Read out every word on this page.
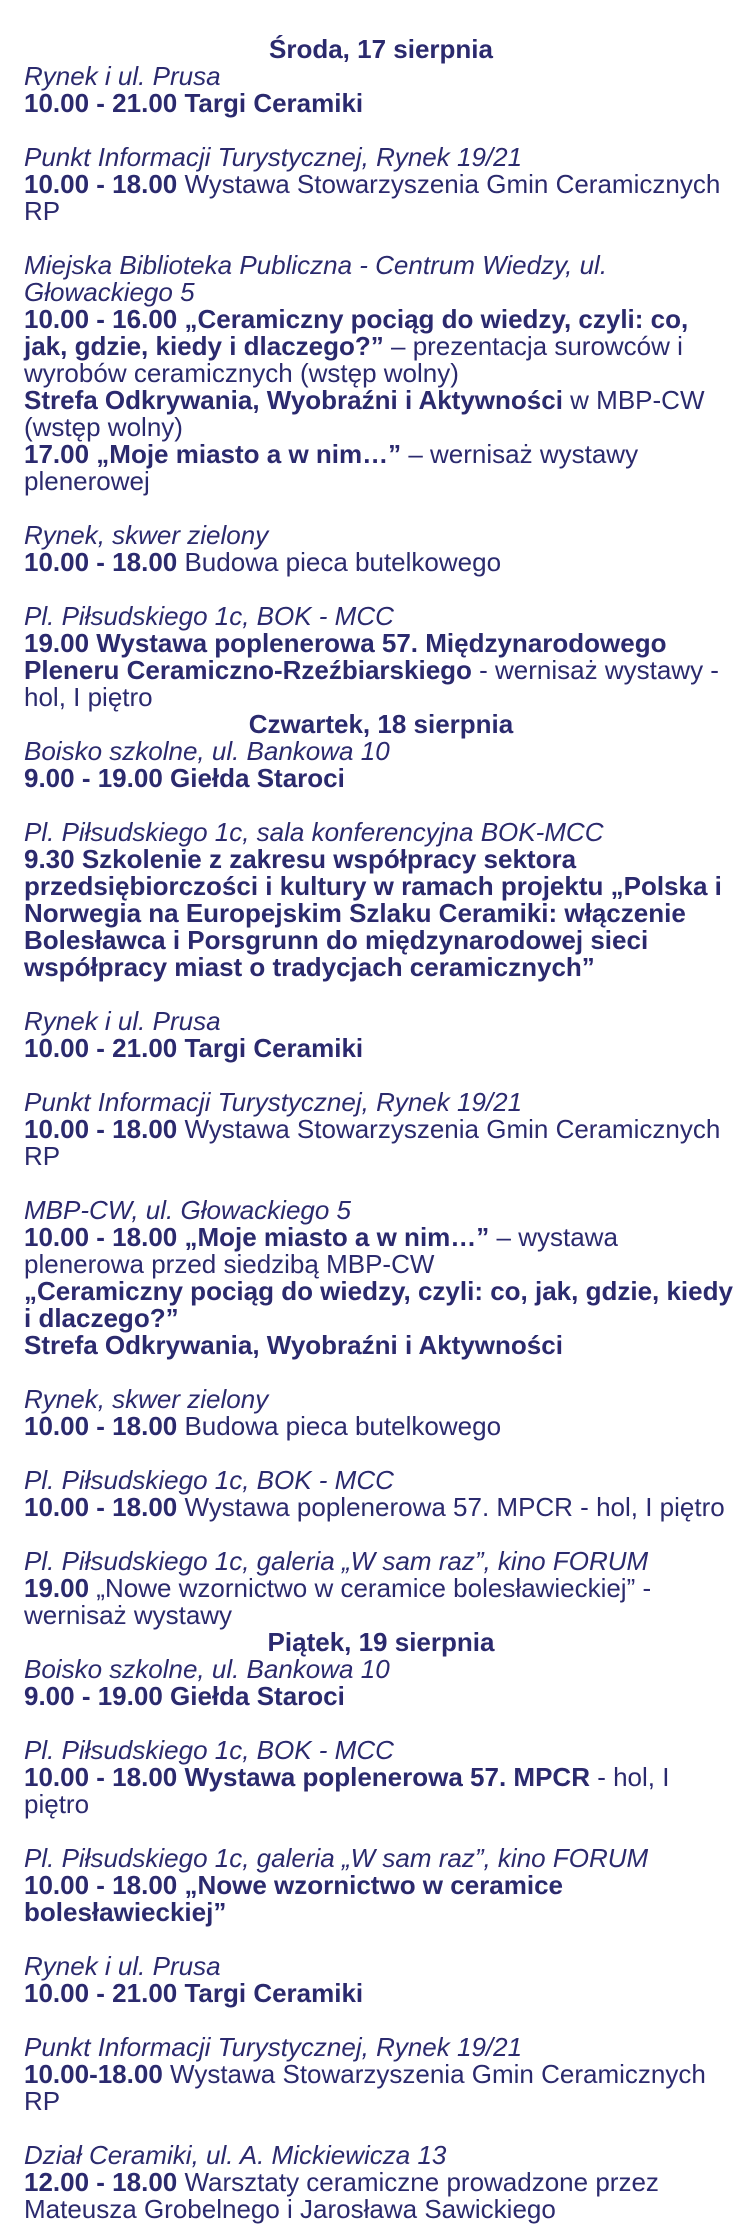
Środa, 17 sierpnia
Rynek i ul. Prusa
10.00 - 21.00 Targi Ceramiki
Punkt Informacji Turystycznej, Rynek 19/21
10.00 - 18.00 Wystawa Stowarzyszenia Gmin Ceramicznych RP
Miejska Biblioteka Publiczna - Centrum Wiedzy, ul. Głowackiego 5
10.00 - 16.00 „Ceramiczny pociąg do wiedzy, czyli: co, jak, gdzie, kiedy i dlaczego?” – prezentacja surowców i wyrobów ceramicznych (wstęp wolny)
Strefa Odkrywania, Wyobraźni i Aktywności w MBP-CW (wstęp wolny)
17.00 „Moje miasto a w nim…” – wernisaż wystawy plenerowej
Rynek, skwer zielony
10.00 - 18.00 Budowa pieca butelkowego
Pl. Piłsudskiego 1c, BOK - MCC
19.00 Wystawa poplenerowa 57. Międzynarodowego Pleneru Ceramiczno-Rzeźbiarskiego - wernisaż wystawy - hol, I piętro
Czwartek, 18 sierpnia
Boisko szkolne, ul. Bankowa 10
9.00 - 19.00 Giełda Staroci
Pl. Piłsudskiego 1c, sala konferencyjna BOK-MCC
9.30 Szkolenie z zakresu współpracy sektora przedsiębiorczości i kultury w ramach projektu „Polska i Norwegia na Europejskim Szlaku Ceramiki: włączenie Bolesławca i Porsgrunn do międzynarodowej sieci współpracy miast o tradycjach ceramicznych”
Rynek i ul. Prusa
10.00 - 21.00 Targi Ceramiki
Punkt Informacji Turystycznej, Rynek 19/21
10.00 - 18.00 Wystawa Stowarzyszenia Gmin Ceramicznych RP
MBP-CW, ul. Głowackiego 5
10.00 - 18.00 „Moje miasto a w nim…” – wystawa plenerowa przed siedzibą MBP-CW
„Ceramiczny pociąg do wiedzy, czyli: co, jak, gdzie, kiedy i dlaczego?”
Strefa Odkrywania, Wyobraźni i Aktywności
Rynek, skwer zielony
10.00 - 18.00 Budowa pieca butelkowego
Pl. Piłsudskiego 1c, BOK - MCC
10.00 - 18.00 Wystawa poplenerowa 57. MPCR - hol, I piętro
Pl. Piłsudskiego 1c, galeria „W sam raz”, kino FORUM
19.00 „Nowe wzornictwo w ceramice bolesławieckiej” - wernisaż wystawy
Piątek, 19 sierpnia
Boisko szkolne, ul. Bankowa 10
9.00 - 19.00 Giełda Staroci
Pl. Piłsudskiego 1c, BOK - MCC
10.00 - 18.00 Wystawa poplenerowa 57. MPCR - hol, I piętro
Pl. Piłsudskiego 1c, galeria „W sam raz”, kino FORUM
10.00 - 18.00 „Nowe wzornictwo w ceramice bolesławieckiej”
Rynek i ul. Prusa
10.00 - 21.00 Targi Ceramiki
Punkt Informacji Turystycznej, Rynek 19/21
10.00-18.00 Wystawa Stowarzyszenia Gmin Ceramicznych RP
Dział Ceramiki, ul. A. Mickiewicza 13
12.00 - 18.00 Warsztaty ceramiczne prowadzone przez Mateusza Grobelnego i Jarosława Sawickiego
